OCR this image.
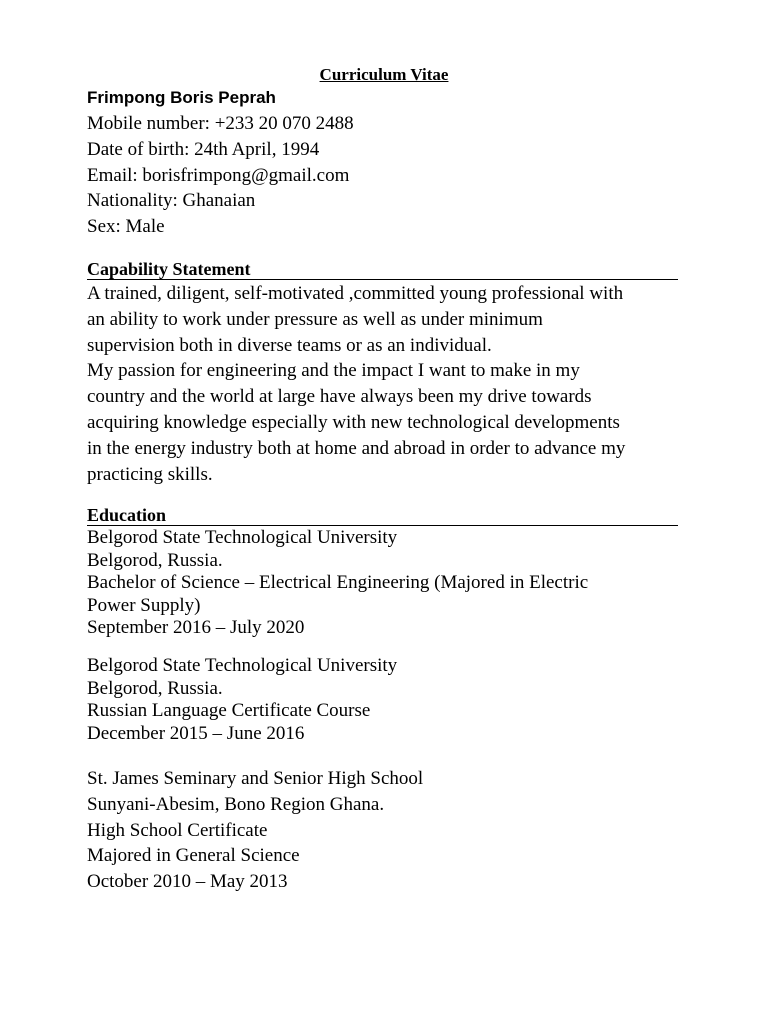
Curriculum Vitae
Frimpong Boris Peprah
Mobile number: +233 20 070 2488
Date of birth: 24th April, 1994
Email: borisfrimpong@gmail.com
Nationality: Ghanaian
Sex: Male
Capability Statement

A trained, diligent, self-motivated ,committed young professional with

an ability to work under pressure as well as under minimum

supervision both in diverse teams or as an individual.

My passion for engineering and the impact I want to make in my

country and the world at large have always been my drive towards

acquiring knowledge especially with new technological developments

in the energy industry both at home and abroad in order to advance my

practicing skills.

Education
Belgorod State Technological University
Belgorod, Russia.
Bachelor of Science – Electrical Engineering (Majored in Electric
Power Supply)
September 2016 – July 2020
Belgorod State Technological University
Belgorod, Russia.
Russian Language Certificate Course
December 2015 – June 2016
St. James Seminary and Senior High School
Sunyani-Abesim, Bono Region Ghana.
High School Certificate
Majored in General Science
October 2010 – May 2013
